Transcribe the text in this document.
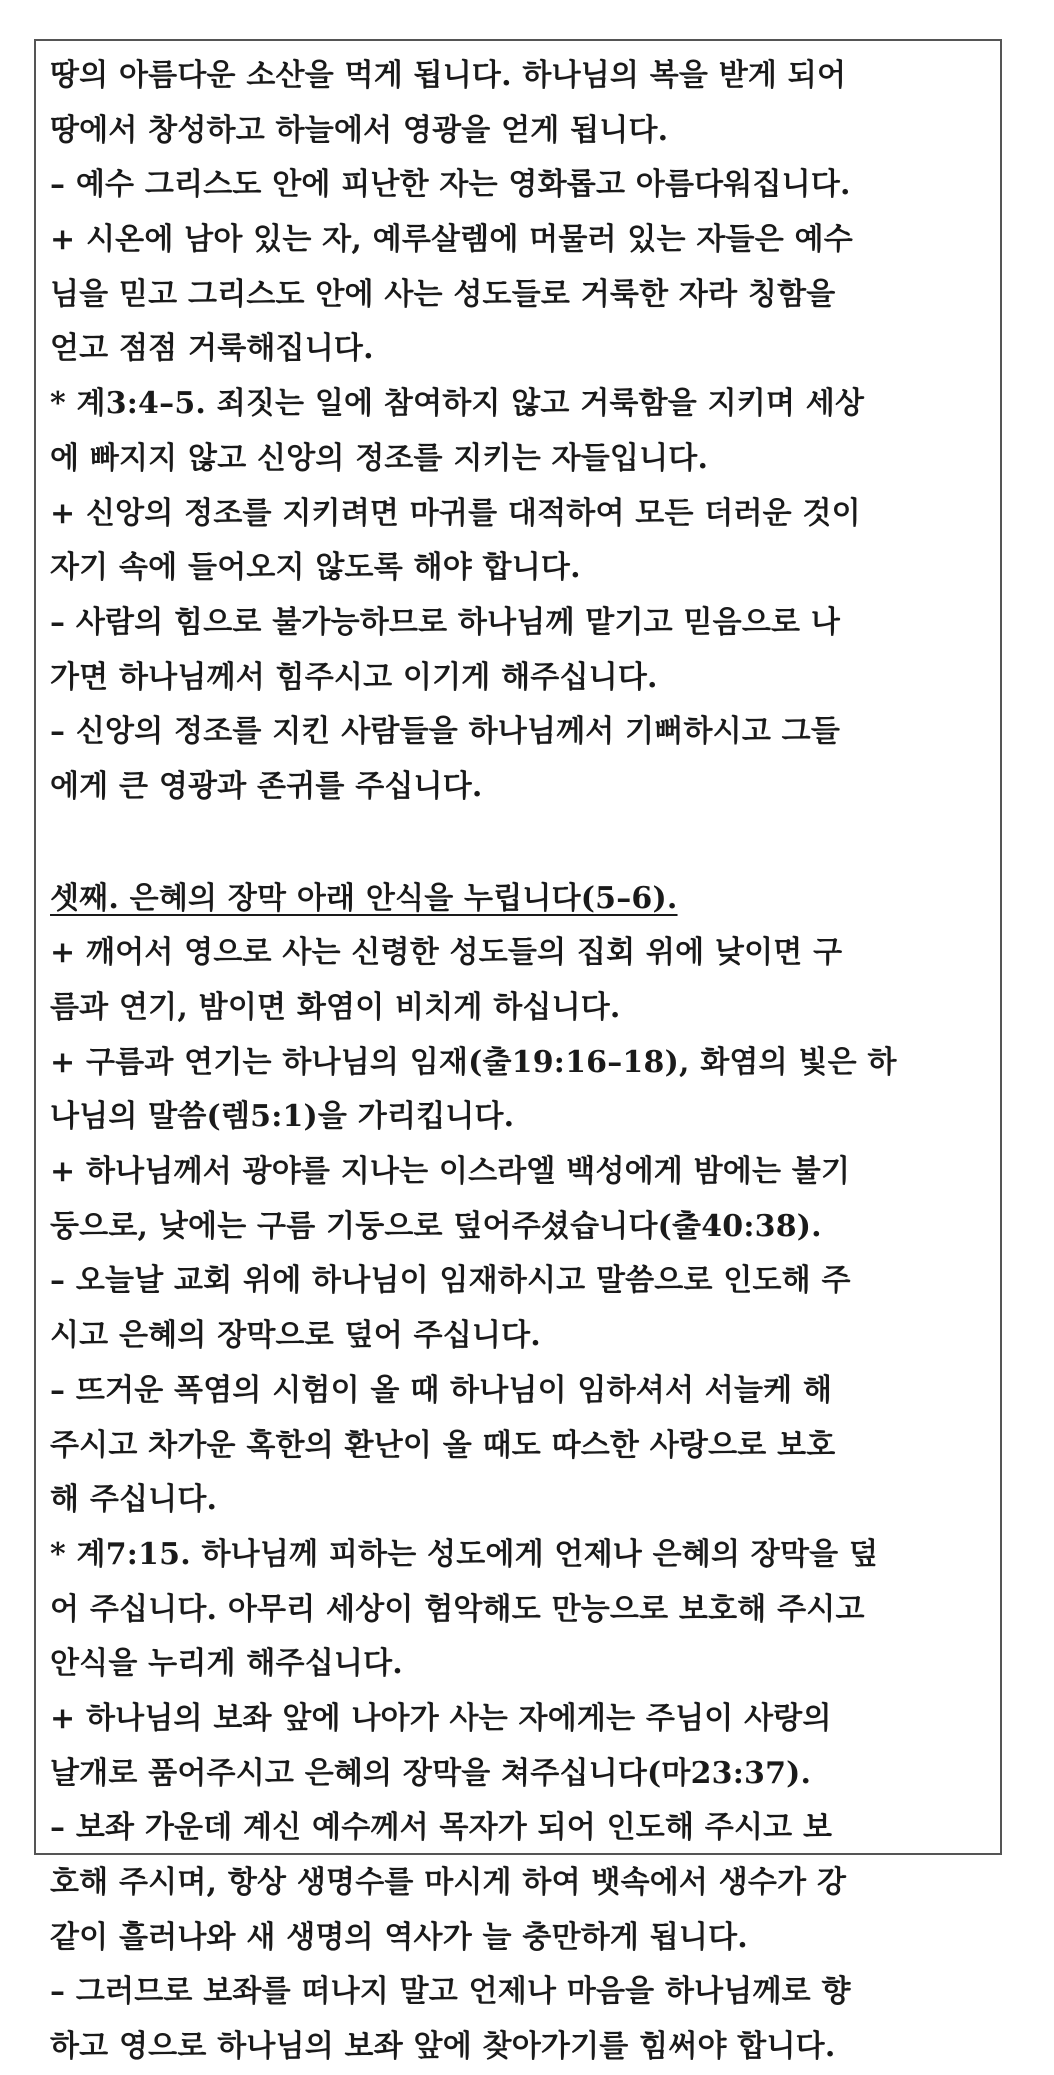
땅의 아름다운 소산을 먹게 됩니다. 하나님의 복을 받게 되어
땅에서 창성하고 하늘에서 영광을 얻게 됩니다.
– 예수 그리스도 안에 피난한 자는 영화롭고 아름다워집니다.
+ 시온에 남아 있는 자, 예루살렘에 머물러 있는 자들은 예수
님을 믿고 그리스도 안에 사는 성도들로 거룩한 자라 칭함을
얻고 점점 거룩해집니다.
* 계3:4–5. 죄짓는 일에 참여하지 않고 거룩함을 지키며 세상
에 빠지지 않고 신앙의 정조를 지키는 자들입니다.
+ 신앙의 정조를 지키려면 마귀를 대적하여 모든 더러운 것이
자기 속에 들어오지 않도록 해야 합니다.
– 사람의 힘으로 불가능하므로 하나님께 맡기고 믿음으로 나
가면 하나님께서 힘주시고 이기게 해주십니다.
– 신앙의 정조를 지킨 사람들을 하나님께서 기뻐하시고 그들
에게 큰 영광과 존귀를 주십니다.
셋째. 은혜의 장막 아래 안식을 누립니다(5–6).
+ 깨어서 영으로 사는 신령한 성도들의 집회 위에 낮이면 구
름과 연기, 밤이면 화염이 비치게 하십니다.
+ 구름과 연기는 하나님의 임재(출19:16–18), 화염의 빛은 하
나님의 말씀(렘5:1)을 가리킵니다.
+ 하나님께서 광야를 지나는 이스라엘 백성에게 밤에는 불기
둥으로, 낮에는 구름 기둥으로 덮어주셨습니다(출40:38).
– 오늘날 교회 위에 하나님이 임재하시고 말씀으로 인도해 주
시고 은혜의 장막으로 덮어 주십니다.
– 뜨거운 폭염의 시험이 올 때 하나님이 임하셔서 서늘케 해
주시고 차가운 혹한의 환난이 올 때도 따스한 사랑으로 보호
해 주십니다.
* 계7:15. 하나님께 피하는 성도에게 언제나 은혜의 장막을 덮
어 주십니다. 아무리 세상이 험악해도 만능으로 보호해 주시고
안식을 누리게 해주십니다.
+ 하나님의 보좌 앞에 나아가 사는 자에게는 주님이 사랑의
날개로 품어주시고 은혜의 장막을 쳐주십니다(마23:37).
– 보좌 가운데 계신 예수께서 목자가 되어 인도해 주시고 보
호해 주시며, 항상 생명수를 마시게 하여 뱃속에서 생수가 강
같이 흘러나와 새 생명의 역사가 늘 충만하게 됩니다.
– 그러므로 보좌를 떠나지 말고 언제나 마음을 하나님께로 향
하고 영으로 하나님의 보좌 앞에 찾아가기를 힘써야 합니다.
